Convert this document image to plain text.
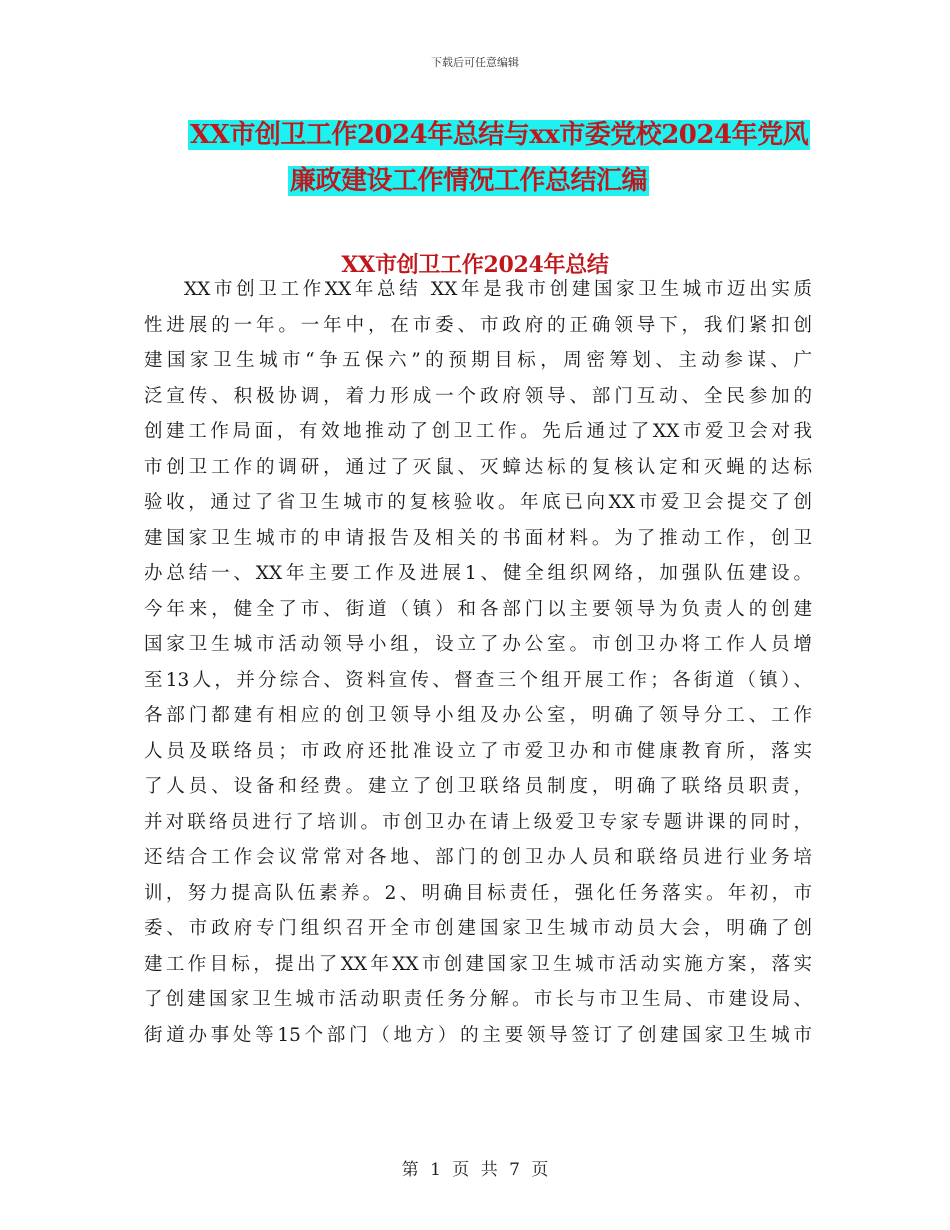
下载后可任意编辑
XX市创卫工作2024年总结与xx市委党校2024年党风
廉政建设工作情况工作总结汇编
XX市创卫工作2024年总结
XX市创卫工作XX年总结 XX年是我市创建国家卫生城市迈出实质
性进展的一年。一年中，在市委、市政府的正确领导下，我们紧扣创
建国家卫生城市“争五保六”的预期目标，周密筹划、主动参谋、广
泛宣传、积极协调，着力形成一个政府领导、部门互动、全民参加的
创建工作局面，有效地推动了创卫工作。先后通过了XX市爱卫会对我
市创卫工作的调研，通过了灭鼠、灭蟑达标的复核认定和灭蝇的达标
验收，通过了省卫生城市的复核验收。年底已向XX市爱卫会提交了创
建国家卫生城市的申请报告及相关的书面材料。为了推动工作，创卫
办总结一、XX年主要工作及进展1、健全组织网络，加强队伍建设。
今年来，健全了市、街道（镇）和各部门以主要领导为负责人的创建
国家卫生城市活动领导小组，设立了办公室。市创卫办将工作人员增
至13人，并分综合、资料宣传、督查三个组开展工作；各街道（镇）、
各部门都建有相应的创卫领导小组及办公室，明确了领导分工、工作
人员及联络员；市政府还批准设立了市爱卫办和市健康教育所，落实
了人员、设备和经费。建立了创卫联络员制度，明确了联络员职责，
并对联络员进行了培训。市创卫办在请上级爱卫专家专题讲课的同时，
还结合工作会议常常对各地、部门的创卫办人员和联络员进行业务培
训，努力提高队伍素养。2、明确目标责任，强化任务落实。年初，市
委、市政府专门组织召开全市创建国家卫生城市动员大会，明确了创
建工作目标，提出了XX年XX市创建国家卫生城市活动实施方案，落实
了创建国家卫生城市活动职责任务分解。市长与市卫生局、市建设局、
街道办事处等15个部门（地方）的主要领导签订了创建国家卫生城市
第 1 页 共 7 页
